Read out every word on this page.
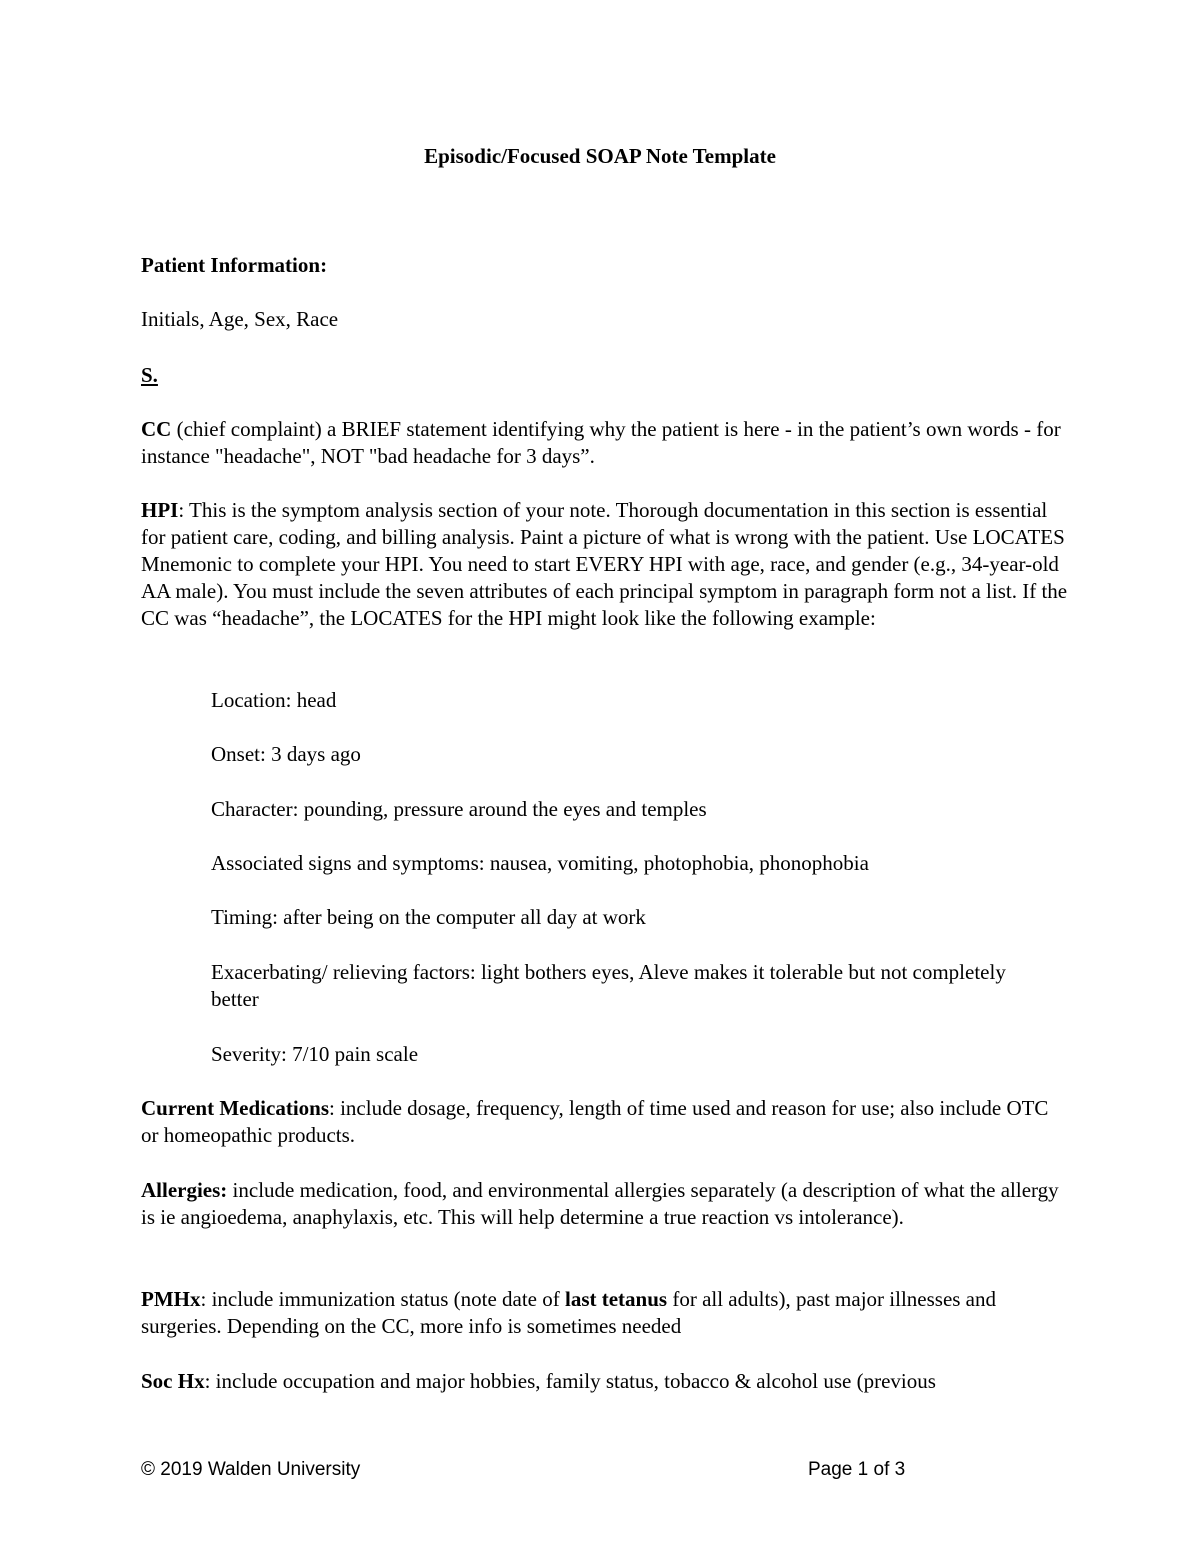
Episodic/Focused SOAP Note Template

Patient Information:

Initials, Age, Sex, Race

S.

CC (chief complaint) a BRIEF statement identifying why the patient is here - in the patient’s own words - for instance "headache", NOT "bad headache for 3 days”.

HPI: This is the symptom analysis section of your note. Thorough documentation in this section is essential for patient care, coding, and billing analysis. Paint a picture of what is wrong with the patient. Use LOCATES Mnemonic to complete your HPI. You need to start EVERY HPI with age, race, and gender (e.g., 34-year-old AA male). You must include the seven attributes of each principal symptom in paragraph form not a list. If the CC was “headache”, the LOCATES for the HPI might look like the following example:

Location: head

Onset: 3 days ago

Character: pounding, pressure around the eyes and temples

Associated signs and symptoms: nausea, vomiting, photophobia, phonophobia

Timing: after being on the computer all day at work

Exacerbating/ relieving factors: light bothers eyes, Aleve makes it tolerable but not completely better

Severity: 7/10 pain scale

Current Medications: include dosage, frequency, length of time used and reason for use; also include OTC or homeopathic products.

Allergies: include medication, food, and environmental allergies separately (a description of what the allergy is ie angioedema, anaphylaxis, etc. This will help determine a true reaction vs intolerance).

PMHx: include immunization status (note date of last tetanus for all adults), past major illnesses and surgeries. Depending on the CC, more info is sometimes needed

Soc Hx: include occupation and major hobbies, family status, tobacco & alcohol use (previous

© 2019 Walden University	Page 1 of 3
